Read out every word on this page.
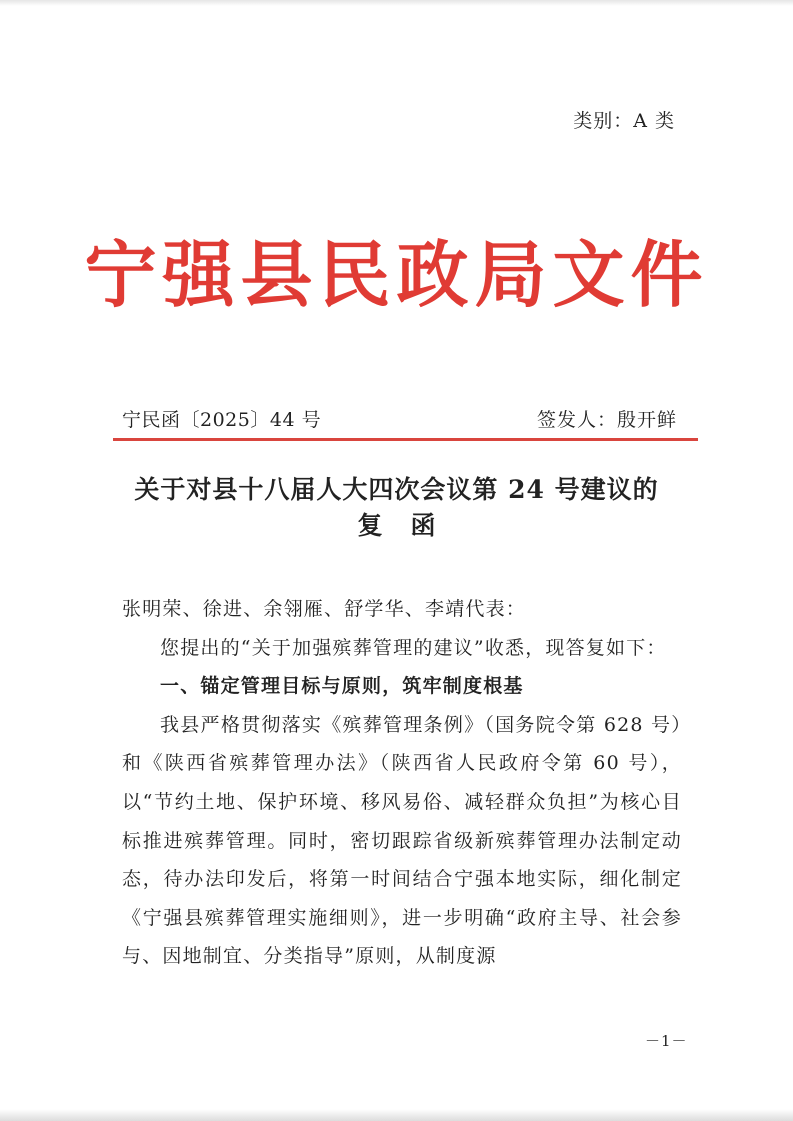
类别：A 类
宁强县民政局文件
宁民函〔2025〕44 号	签发人：殷开鲜
关于对县十八届人大四次会议第 24 号建议的
复函

张明荣、徐进、余翎雁、舒学华、李靖代表：

您提出的“关于加强殡葬管理的建议”收悉，现答复如下：

一、锚定管理目标与原则，筑牢制度根基

我县严格贯彻落实《殡葬管理条例》（国务院令第 628 号）和《陕西省殡葬管理办法》（陕西省人民政府令第 60 号），以“节约土地、保护环境、移风易俗、减轻群众负担”为核心目标推进殡葬管理。同时，密切跟踪省级新殡葬管理办法制定动态，待办法印发后，将第一时间结合宁强本地实际，细化制定《宁强县殡葬管理实施细则》，进一步明确“政府主导、社会参与、因地制宜、分类指导”原则，从制度源

－1－
